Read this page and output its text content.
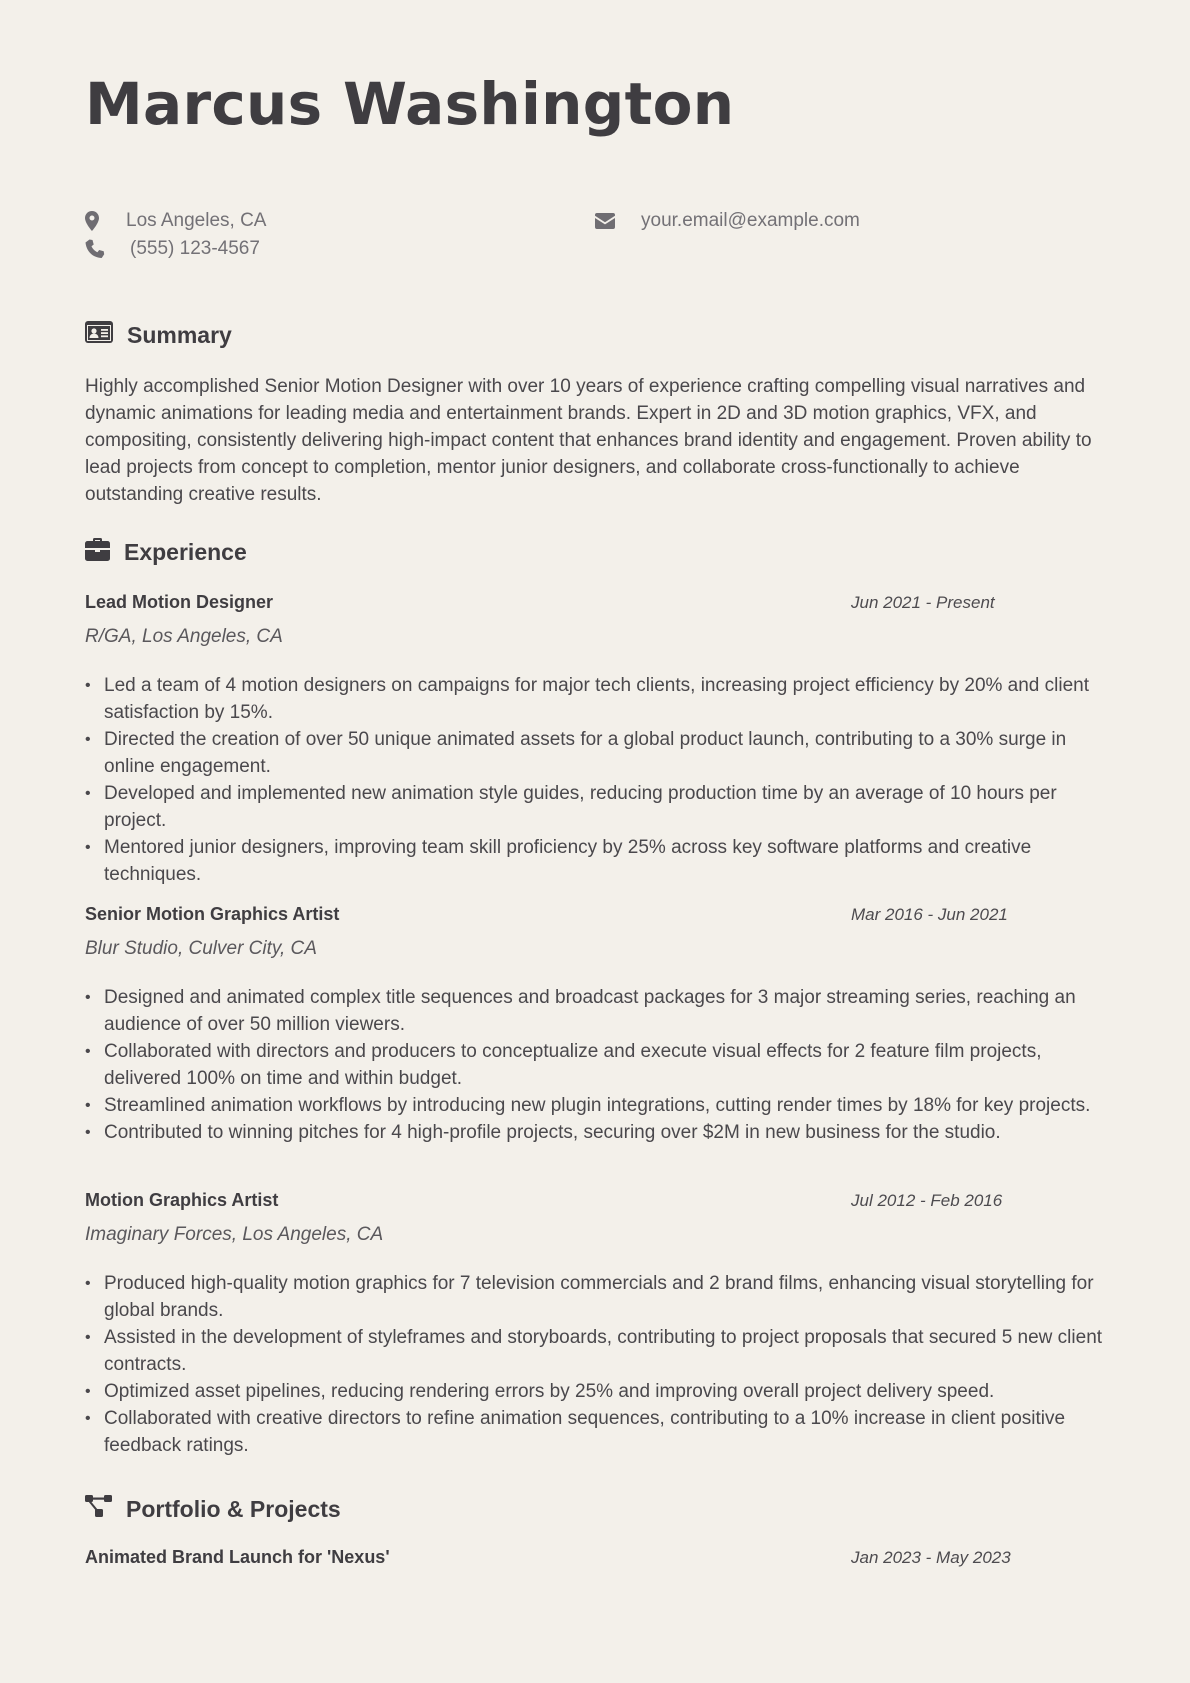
Marcus Washington
Los Angeles, CA
(555) 123-4567
your.email@example.com
Summary

Highly accomplished Senior Motion Designer with over 10 years of experience crafting compelling visual narratives and dynamic animations for leading media and entertainment brands. Expert in 2D and 3D motion graphics, VFX, and compositing, consistently delivering high-impact content that enhances brand identity and engagement. Proven ability to lead projects from concept to completion, mentor junior designers, and collaborate cross-functionally to achieve outstanding creative results.

Experience
Lead Motion Designer	Jun 2021 - Present
R/GA, Los Angeles, CA
• Led a team of 4 motion designers on campaigns for major tech clients, increasing project efficiency by 20% and client satisfaction by 15%.
• Directed the creation of over 50 unique animated assets for a global product launch, contributing to a 30% surge in online engagement.
• Developed and implemented new animation style guides, reducing production time by an average of 10 hours per project.
• Mentored junior designers, improving team skill proficiency by 25% across key software platforms and creative techniques.
Senior Motion Graphics Artist	Mar 2016 - Jun 2021
Blur Studio, Culver City, CA
• Designed and animated complex title sequences and broadcast packages for 3 major streaming series, reaching an audience of over 50 million viewers.
• Collaborated with directors and producers to conceptualize and execute visual effects for 2 feature film projects, delivered 100% on time and within budget.
• Streamlined animation workflows by introducing new plugin integrations, cutting render times by 18% for key projects.
• Contributed to winning pitches for 4 high-profile projects, securing over $2M in new business for the studio.
Motion Graphics Artist	Jul 2012 - Feb 2016
Imaginary Forces, Los Angeles, CA
• Produced high-quality motion graphics for 7 television commercials and 2 brand films, enhancing visual storytelling for global brands.
• Assisted in the development of styleframes and storyboards, contributing to project proposals that secured 5 new client contracts.
• Optimized asset pipelines, reducing rendering errors by 25% and improving overall project delivery speed.
• Collaborated with creative directors to refine animation sequences, contributing to a 10% increase in client positive feedback ratings.
Portfolio & Projects
Animated Brand Launch for 'Nexus'	Jan 2023 - May 2023
